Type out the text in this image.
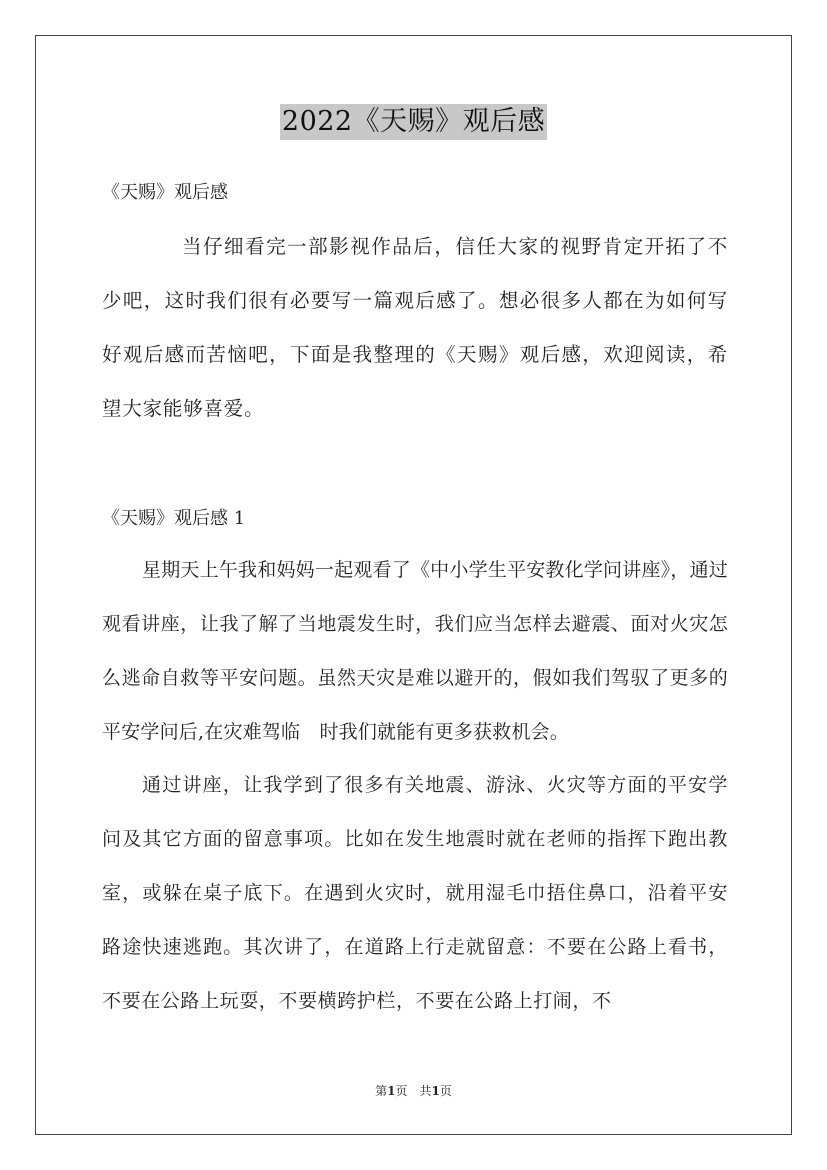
2022《天赐》观后感
《天赐》观后感
当仔细看完一部影视作品后，信任大家的视野肯定开拓了不少吧，这时我们很有必要写一篇观后感了。想必很多人都在为如何写好观后感而苦恼吧，下面是我整理的《天赐》观后感，欢迎阅读，希望大家能够喜爱。
《天赐》观后感 1
星期天上午我和妈妈一起观看了《中小学生平安教化学问讲座》，通过观看讲座，让我了解了当地震发生时，我们应当怎样去避震、面对火灾怎么逃命自救等平安问题。虽然天灾是难以避开的，假如我们驾驭了更多的平安学问后,在灾难驾临　时我们就能有更多获救机会。
通过讲座，让我学到了很多有关地震、游泳、火灾等方面的平安学问及其它方面的留意事项。比如在发生地震时就在老师的指挥下跑出教室，或躲在桌子底下。在遇到火灾时，就用湿毛巾捂住鼻口，沿着平安路途快速逃跑。其次讲了，在道路上行走就留意：不要在公路上看书，不要在公路上玩耍，不要横跨护栏，不要在公路上打闹，不
第1页　共1页
